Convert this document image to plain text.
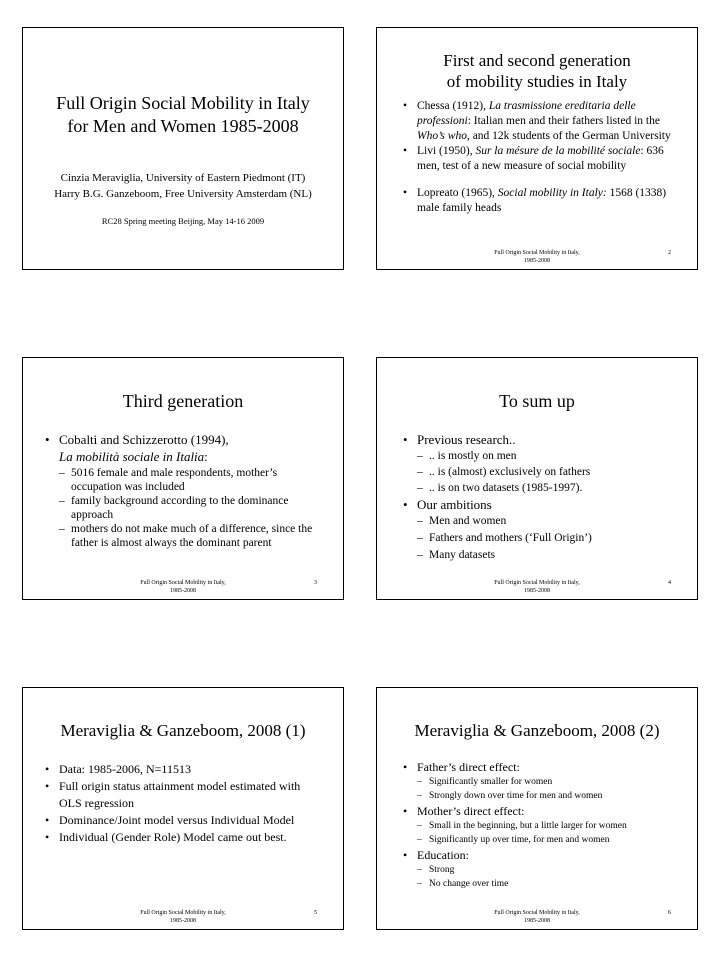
Full Origin Social Mobility in Italy
for Men and Women 1985-2008
Cinzia Meraviglia, University of Eastern Piedmont (IT)
Harry B.G. Ganzeboom, Free University Amsterdam (NL)
RC28 Spring meeting Beijing, May 14-16 2009
First and second generation
of mobility studies in Italy
• Chessa (1912), La trasmissione ereditaria delle professioni: Italian men and their fathers listed in the Who’s who, and 12k students of the German University
• Livi (1950), Sur la mésure de la mobilité sociale: 636 men, test of a new measure of social mobility
• Lopreato (1965), Social mobility in Italy: 1568 (1338) male family heads
Full Origin Social Mobility in Italy, 1985-2008
2
Third generation
• Cobalti and Schizzerotto (1994),
La mobilità sociale in Italia:
– 5016 female and male respondents, mother’s occupation was included
– family background according to the dominance approach
– mothers do not make much of a difference, since the father is almost always the dominant parent
Full Origin Social Mobility in Italy, 1985-2008
3
To sum up
• Previous research..
– .. is mostly on men
– .. is (almost) exclusively on fathers
– .. is on two datasets (1985-1997).
• Our ambitions
– Men and women
– Fathers and mothers (‘Full Origin’)
– Many datasets
Full Origin Social Mobility in Italy, 1985-2008
4
Meraviglia & Ganzeboom, 2008 (1)
• Data: 1985-2006, N=11513
• Full origin status attainment model estimated with OLS regression
• Dominance/Joint model versus Individual Model
• Individual (Gender Role) Model came out best.
Full Origin Social Mobility in Italy, 1985-2008
5
Meraviglia & Ganzeboom, 2008 (2)
• Father’s direct effect:
– Significantly smaller for women
– Strongly down over time for men and women
• Mother’s direct effect:
– Small in the beginning, but a little larger for women
– Significantly up over time, for men and women
• Education:
– Strong
– No change over time
Full Origin Social Mobility in Italy, 1985-2008
6
